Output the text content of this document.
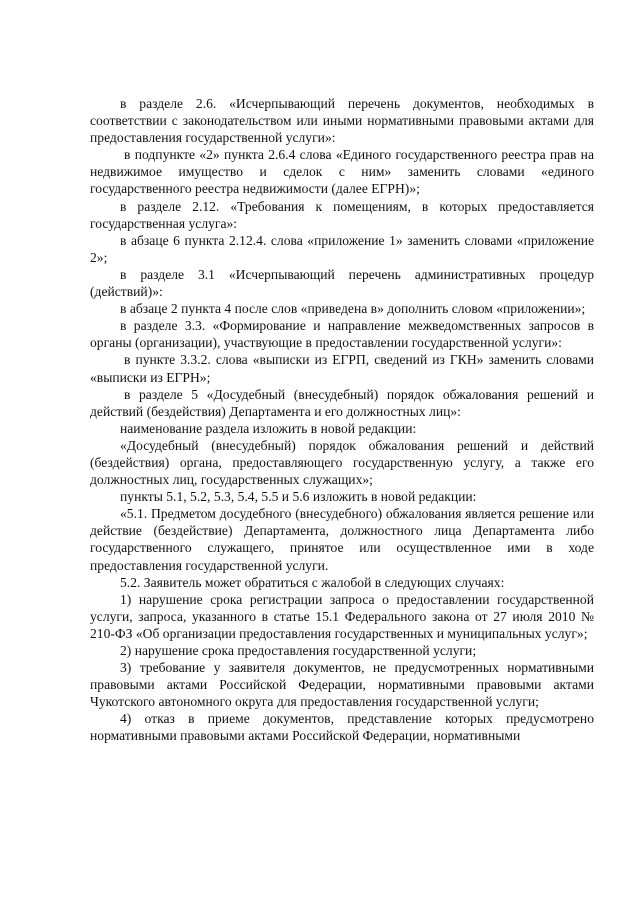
в разделе 2.6. «Исчерпывающий перечень документов, необходимых в соответствии с законодательством или иными нормативными правовыми актами для предоставления государственной услуги»:

в подпункте «2» пункта 2.6.4 слова «Единого государственного реестра прав на недвижимое имущество и сделок с ним» заменить словами «единого государственного реестра недвижимости (далее ЕГРН)»;

в разделе 2.12. «Требования к помещениям, в которых предоставляется государственная услуга»:

в абзаце 6 пункта 2.12.4. слова «приложение 1» заменить словами «приложение 2»;

в разделе 3.1 «Исчерпывающий перечень административных процедур (действий)»:

в абзаце 2 пункта 4 после слов «приведена в» дополнить словом «приложении»;

в разделе 3.3. «Формирование и направление межведомственных запросов в органы (организации), участвующие в предоставлении государственной услуги»:

в пункте 3.3.2. слова «выписки из ЕГРП, сведений из ГКН» заменить словами «выписки из ЕГРН»;

в разделе 5 «Досудебный (внесудебный) порядок обжалования решений и действий (бездействия) Департамента и его должностных лиц»:

наименование раздела изложить в новой редакции:

«Досудебный (внесудебный) порядок обжалования решений и действий (бездействия) органа, предоставляющего государственную услугу, а также его должностных лиц, государственных служащих»;

пункты 5.1, 5.2, 5.3, 5.4, 5.5 и 5.6 изложить в новой редакции:

«5.1. Предметом досудебного (внесудебного) обжалования является решение или действие (бездействие) Департамента, должностного лица Департамента либо государственного служащего, принятое или осуществленное ими в ходе предоставления государственной услуги.

5.2. Заявитель может обратиться с жалобой в следующих случаях:

1) нарушение срока регистрации запроса о предоставлении государственной услуги, запроса, указанного в статье 15.1 Федерального закона от 27 июля 2010 № 210-ФЗ «Об организации предоставления государственных и муниципальных услуг»;

2) нарушение срока предоставления государственной услуги;

3) требование у заявителя документов, не предусмотренных нормативными правовыми актами Российской Федерации, нормативными правовыми актами Чукотского автономного округа для предоставления государственной услуги;

4) отказ в приеме документов, представление которых предусмотрено нормативными правовыми актами Российской Федерации, нормативными
